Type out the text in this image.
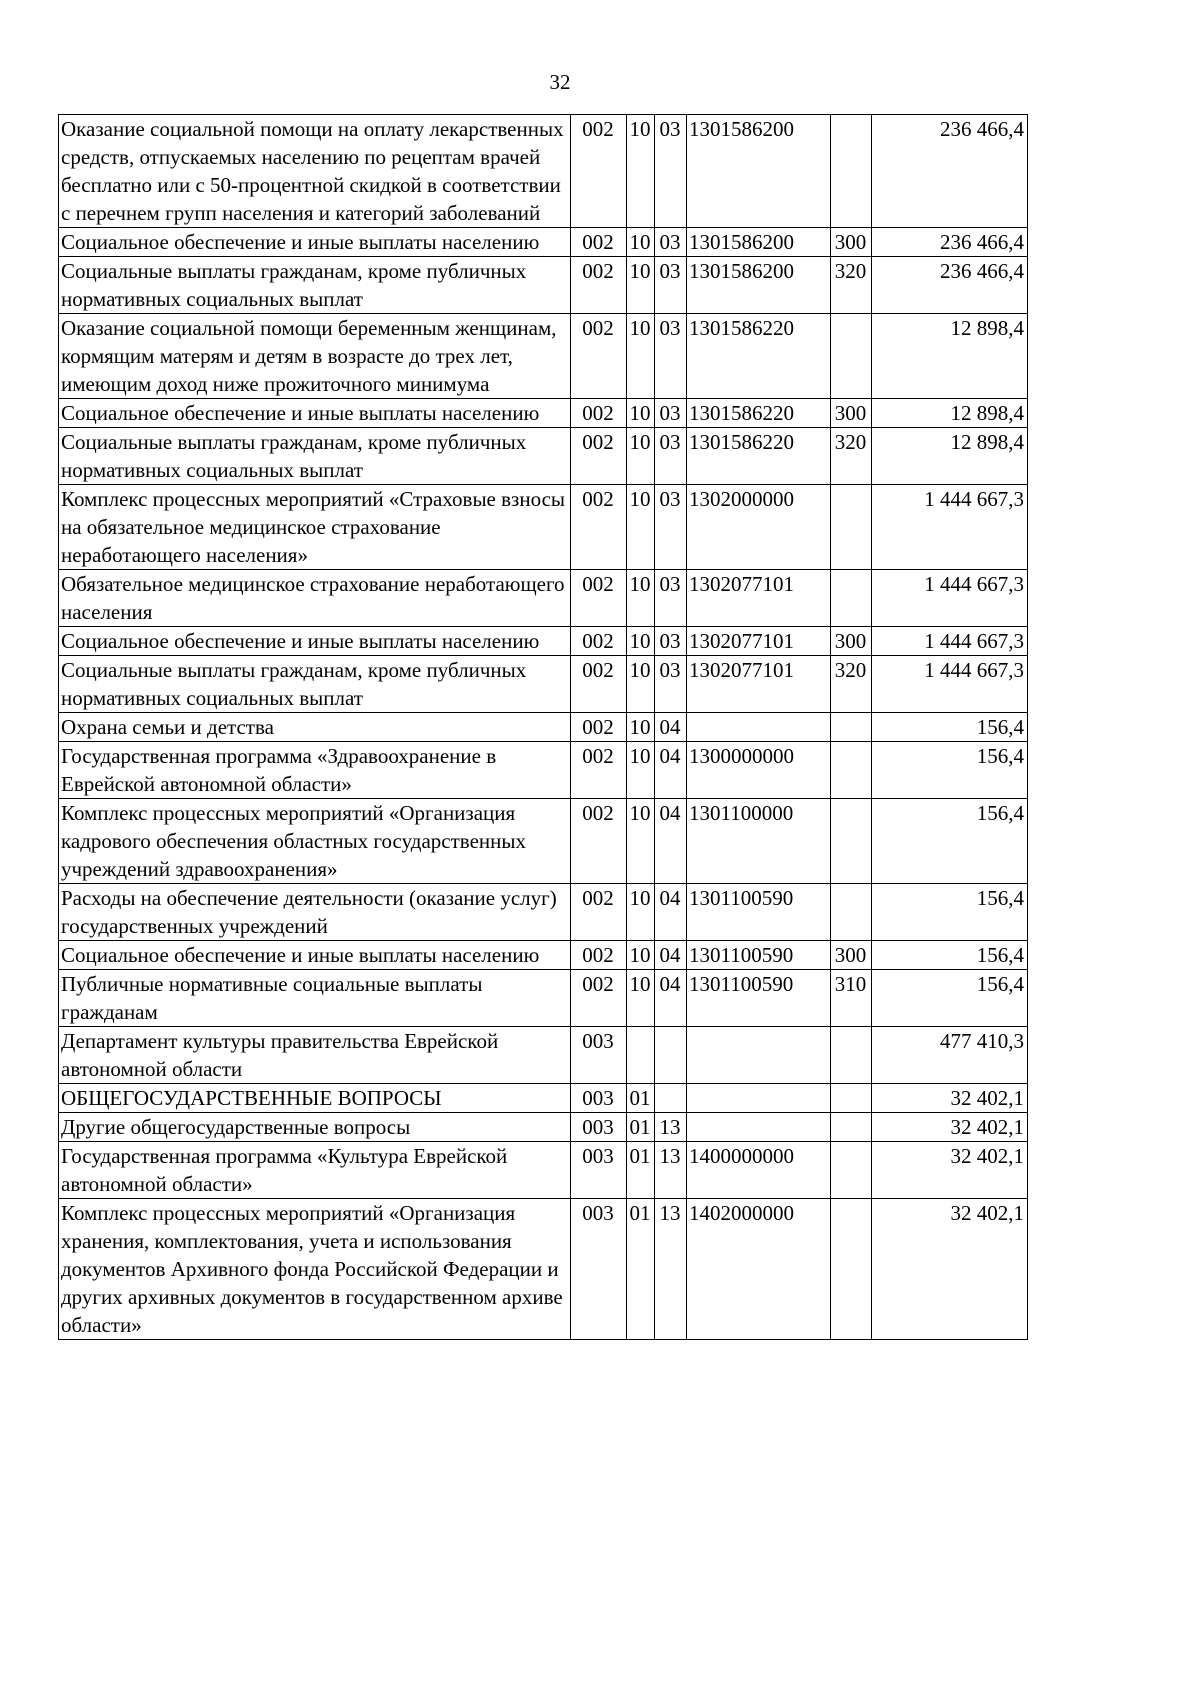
32
Оказание социальной помощи на оплату лекарственных средств, отпускаемых населению по рецептам врачей бесплатно или с 50-процентной скидкой в соответствии с перечнем групп населения и категорий заболеваний	002	10	03	1301586200		236 466,4
Социальное обеспечение и иные выплаты населению	002	10	03	1301586200	300	236 466,4
Социальные выплаты гражданам, кроме публичных нормативных социальных выплат	002	10	03	1301586200	320	236 466,4
Оказание социальной помощи беременным женщинам, кормящим матерям и детям в возрасте до трех лет, имеющим доход ниже прожиточного минимума	002	10	03	1301586220		12 898,4
Социальное обеспечение и иные выплаты населению	002	10	03	1301586220	300	12 898,4
Социальные выплаты гражданам, кроме публичных нормативных социальных выплат	002	10	03	1301586220	320	12 898,4
Комплекс процессных мероприятий «Страховые взносы на обязательное медицинское страхование неработающего населения»	002	10	03	1302000000		1 444 667,3
Обязательное медицинское страхование неработающего населения	002	10	03	1302077101		1 444 667,3
Социальное обеспечение и иные выплаты населению	002	10	03	1302077101	300	1 444 667,3
Социальные выплаты гражданам, кроме публичных нормативных социальных выплат	002	10	03	1302077101	320	1 444 667,3
Охрана семьи и детства	002	10	04			156,4
Государственная программа «Здравоохранение в Еврейской автономной области»	002	10	04	1300000000		156,4
Комплекс процессных мероприятий «Организация кадрового обеспечения областных государственных учреждений здравоохранения»	002	10	04	1301100000		156,4
Расходы на обеспечение деятельности (оказание услуг) государственных учреждений	002	10	04	1301100590		156,4
Социальное обеспечение и иные выплаты населению	002	10	04	1301100590	300	156,4
Публичные нормативные социальные выплаты гражданам	002	10	04	1301100590	310	156,4
Департамент культуры правительства Еврейской автономной области	003					477 410,3
ОБЩЕГОСУДАРСТВЕННЫЕ ВОПРОСЫ	003	01				32 402,1
Другие общегосударственные вопросы	003	01	13			32 402,1
Государственная программа «Культура Еврейской автономной области»	003	01	13	1400000000		32 402,1
Комплекс процессных мероприятий «Организация хранения, комплектования, учета и использования документов Архивного фонда Российской Федерации и других архивных документов в государственном архиве области»	003	01	13	1402000000		32 402,1
